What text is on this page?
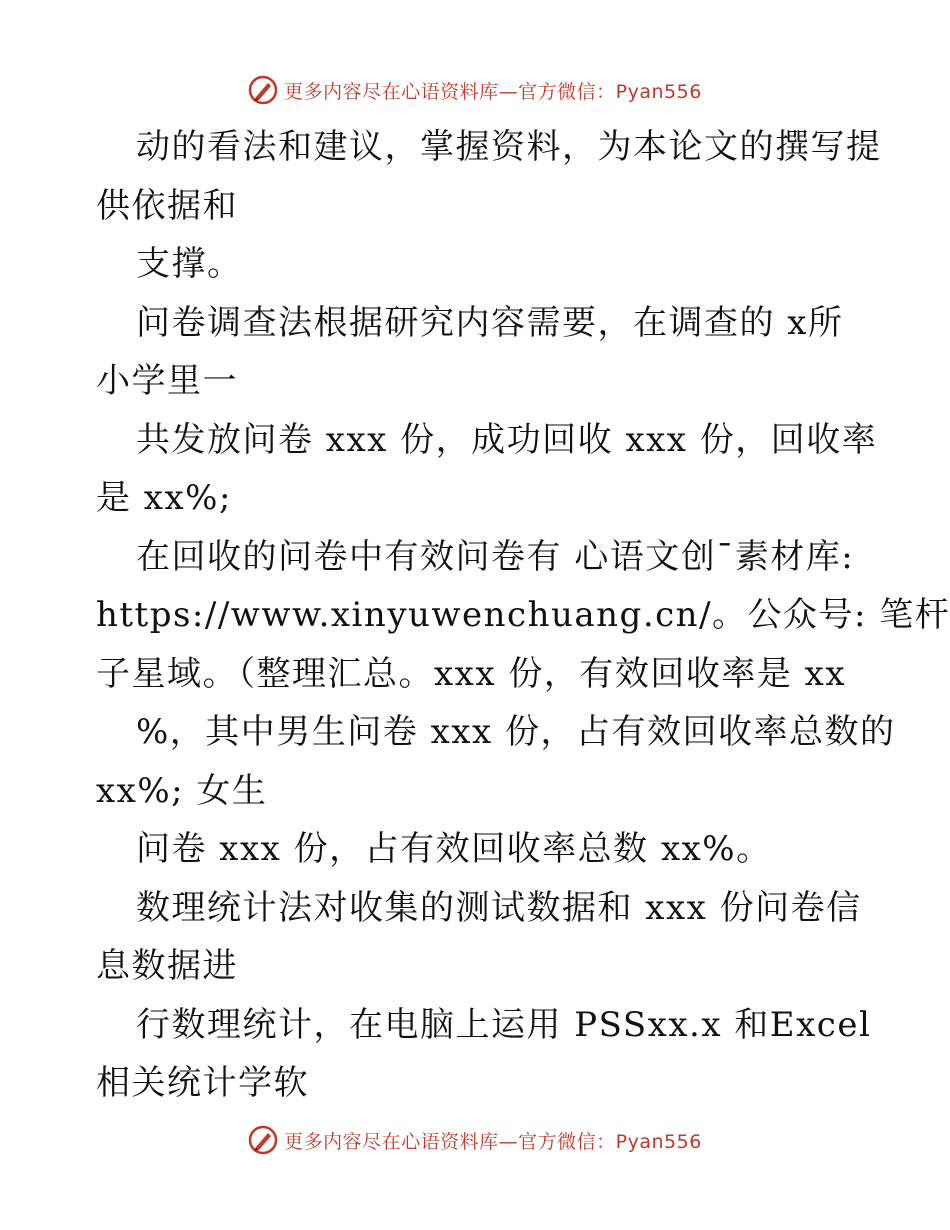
更多内容尽在心语资料库—官方微信：Pyan556
动的看法和建议，掌握资料，为本论文的撰写提
供依据和
支撑。
问卷调查法根据研究内容需要，在调查的 x所
小学里一
共发放问卷 xxx 份，成功回收 xxx 份，回收率
是 xx%;
在回收的问卷中有效问卷有 心语文创¯素材库:
https://www.xinyuwenchuang.cn/。公众号: 笔杆
子星域。（整理汇总。xxx 份，有效回收率是 xx
%，其中男生问卷 xxx 份，占有效回收率总数的
xx%; 女生
问卷 xxx 份，占有效回收率总数 xx%。
数理统计法对收集的测试数据和 xxx 份问卷信
息数据进
行数理统计，在电脑上运用 PSSxx.x 和Excel
相关统计学软
更多内容尽在心语资料库—官方微信：Pyan556
